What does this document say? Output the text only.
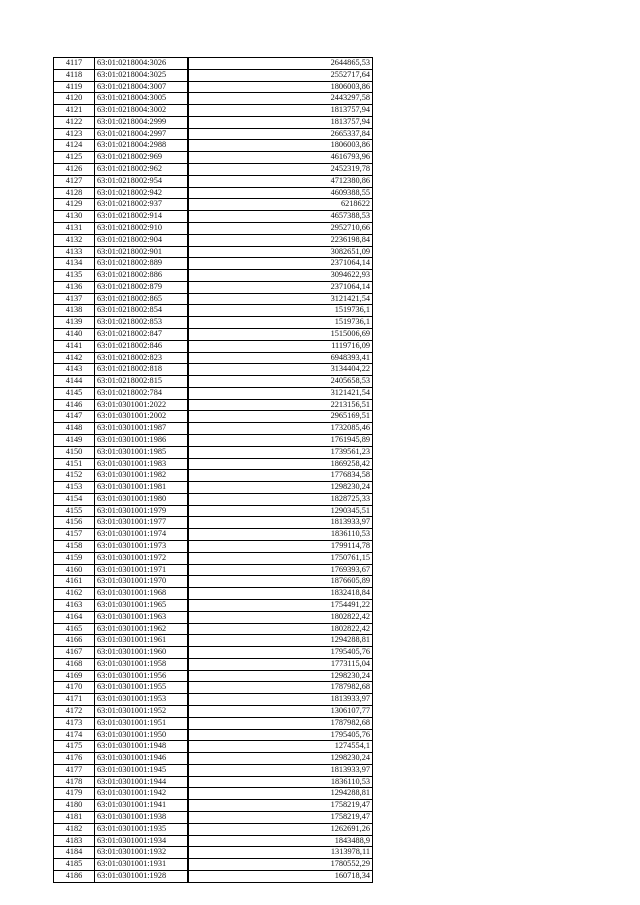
4117	63:01:0218004:3026	2644865,53
4118	63:01:0218004:3025	2552717,64
4119	63:01:0218004:3007	1806003,86
4120	63:01:0218004:3005	2443297,58
4121	63:01:0218004:3002	1813757,94
4122	63:01:0218004:2999	1813757,94
4123	63:01:0218004:2997	2665337,84
4124	63:01:0218004:2988	1806003,86
4125	63:01:0218002:969	4616793,96
4126	63:01:0218002:962	2452319,78
4127	63:01:0218002:954	4712380,86
4128	63:01:0218002:942	4609388,55
4129	63:01:0218002:937	6218622
4130	63:01:0218002:914	4657388,53
4131	63:01:0218002:910	2952710,66
4132	63:01:0218002:904	2236198,84
4133	63:01:0218002:901	3082651,09
4134	63:01:0218002:889	2371064,14
4135	63:01:0218002:886	3094622,93
4136	63:01:0218002:879	2371064,14
4137	63:01:0218002:865	3121421,54
4138	63:01:0218002:854	1519736,1
4139	63:01:0218002:853	1519736,1
4140	63:01:0218002:847	1515006,69
4141	63:01:0218002:846	1119716,09
4142	63:01:0218002:823	6948393,41
4143	63:01:0218002:818	3134404,22
4144	63:01:0218002:815	2405658,53
4145	63:01:0218002:784	3121421,54
4146	63:01:0301001:2022	2213156,51
4147	63:01:0301001:2002	2965169,51
4148	63:01:0301001:1987	1732085,46
4149	63:01:0301001:1986	1761945,89
4150	63:01:0301001:1985	1739561,23
4151	63:01:0301001:1983	1869258,42
4152	63:01:0301001:1982	1776834,58
4153	63:01:0301001:1981	1298230,24
4154	63:01:0301001:1980	1828725,33
4155	63:01:0301001:1979	1290345,51
4156	63:01:0301001:1977	1813933,97
4157	63:01:0301001:1974	1836110,53
4158	63:01:0301001:1973	1799114,78
4159	63:01:0301001:1972	1750761,15
4160	63:01:0301001:1971	1769393,67
4161	63:01:0301001:1970	1876605,89
4162	63:01:0301001:1968	1832418,84
4163	63:01:0301001:1965	1754491,22
4164	63:01:0301001:1963	1802822,42
4165	63:01:0301001:1962	1802822,42
4166	63:01:0301001:1961	1294288,81
4167	63:01:0301001:1960	1795405,76
4168	63:01:0301001:1958	1773115,04
4169	63:01:0301001:1956	1298230,24
4170	63:01:0301001:1955	1787982,68
4171	63:01:0301001:1953	1813933,97
4172	63:01:0301001:1952	1306107,77
4173	63:01:0301001:1951	1787982,68
4174	63:01:0301001:1950	1795405,76
4175	63:01:0301001:1948	1274554,1
4176	63:01:0301001:1946	1298230,24
4177	63:01:0301001:1945	1813933,97
4178	63:01:0301001:1944	1836110,53
4179	63:01:0301001:1942	1294288,81
4180	63:01:0301001:1941	1758219,47
4181	63:01:0301001:1938	1758219,47
4182	63:01:0301001:1935	1262691,26
4183	63:01:0301001:1934	1843488,9
4184	63:01:0301001:1932	1313978,11
4185	63:01:0301001:1931	1780552,29
4186	63:01:0301001:1928	160718,34
